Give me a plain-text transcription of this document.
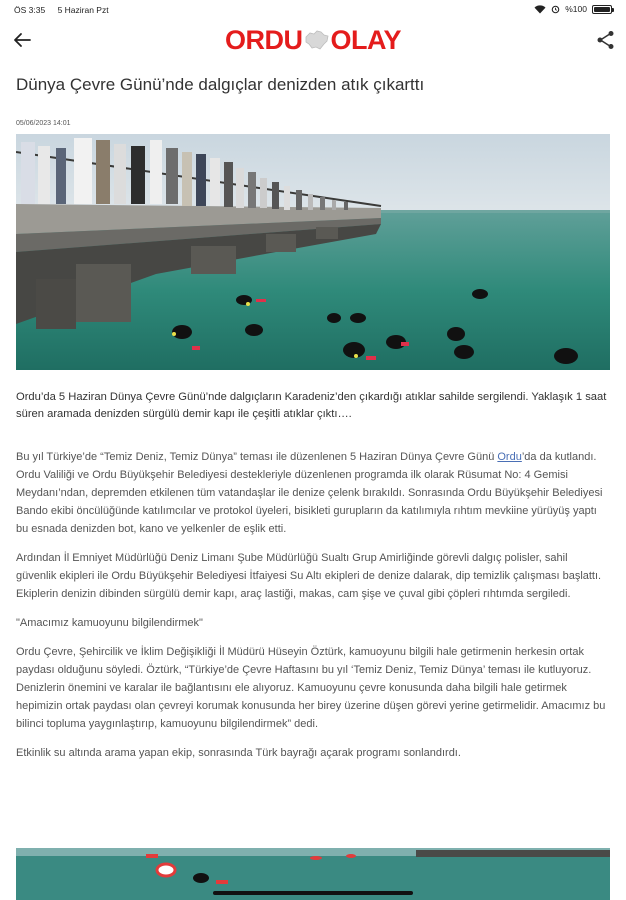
ÖS 3:35 5 Haziran Pzt	%100
ORDU OLAY
Dünya Çevre Günü’nde dalgıçlar denizden atık çıkarttı
05/06/2023 14:01

Ordu’da 5 Haziran Dünya Çevre Günü’nde dalgıçların Karadeniz’den çıkardığı atıklar sahilde sergilendi. Yaklaşık 1 saat süren aramada denizden sürgülü demir kapı ile çeşitli atıklar çıktı….

Bu yıl Türkiye’de “Temiz Deniz, Temiz Dünya” teması ile düzenlenen 5 Haziran Dünya Çevre Günü Ordu’da da kutlandı. Ordu Valiliği ve Ordu Büyükşehir Belediyesi destekleriyle düzenlenen programda ilk olarak Rüsumat No: 4 Gemisi Meydanı’ndan, depremden etkilenen tüm vatandaşlar ile denize çelenk bırakıldı. Sonrasında Ordu Büyükşehir Belediyesi Bando ekibi öncülüğünde katılımcılar ve protokol üyeleri, bisikleti gurupların da katılımıyla rıhtım mevkiine yürüyüş yaptı bu esnada denizden bot, kano ve yelkenler de eşlik etti.

Ardından İl Emniyet Müdürlüğü Deniz Limanı Şube Müdürlüğü Sualtı Grup Amirliğinde görevli dalgıç polisler, sahil güvenlik ekipleri ile Ordu Büyükşehir Belediyesi İtfaiyesi Su Altı ekipleri de denize dalarak, dip temizlik çalışması başlattı. Ekiplerin denizin dibinden sürgülü demir kapı, araç lastiği, makas, cam şişe ve çuval gibi çöpleri rıhtımda sergiledi.

"Amacımız kamuoyunu bilgilendirmek"

Ordu Çevre, Şehircilik ve İklim Değişikliği İl Müdürü Hüseyin Öztürk, kamuoyunu bilgili hale getirmenin herkesin ortak paydası olduğunu söyledi. Öztürk, “Türkiye’de Çevre Haftasını bu yıl ‘Temiz Deniz, Temiz Dünya’ teması ile kutluyoruz. Denizlerin önemini ve karalar ile bağlantısını ele alıyoruz. Kamuoyunu çevre konusunda daha bilgili hale getirmek hepimizin ortak paydası olan çevreyi korumak konusunda her birey üzerine düşen görevi yerine getirmelidir. Amacımız bu bilinci topluma yaygınlaştırıp, kamuoyunu bilgilendirmek” dedi.

Etkinlik su altında arama yapan ekip, sonrasında Türk bayrağı açarak programı sonlandırdı.
